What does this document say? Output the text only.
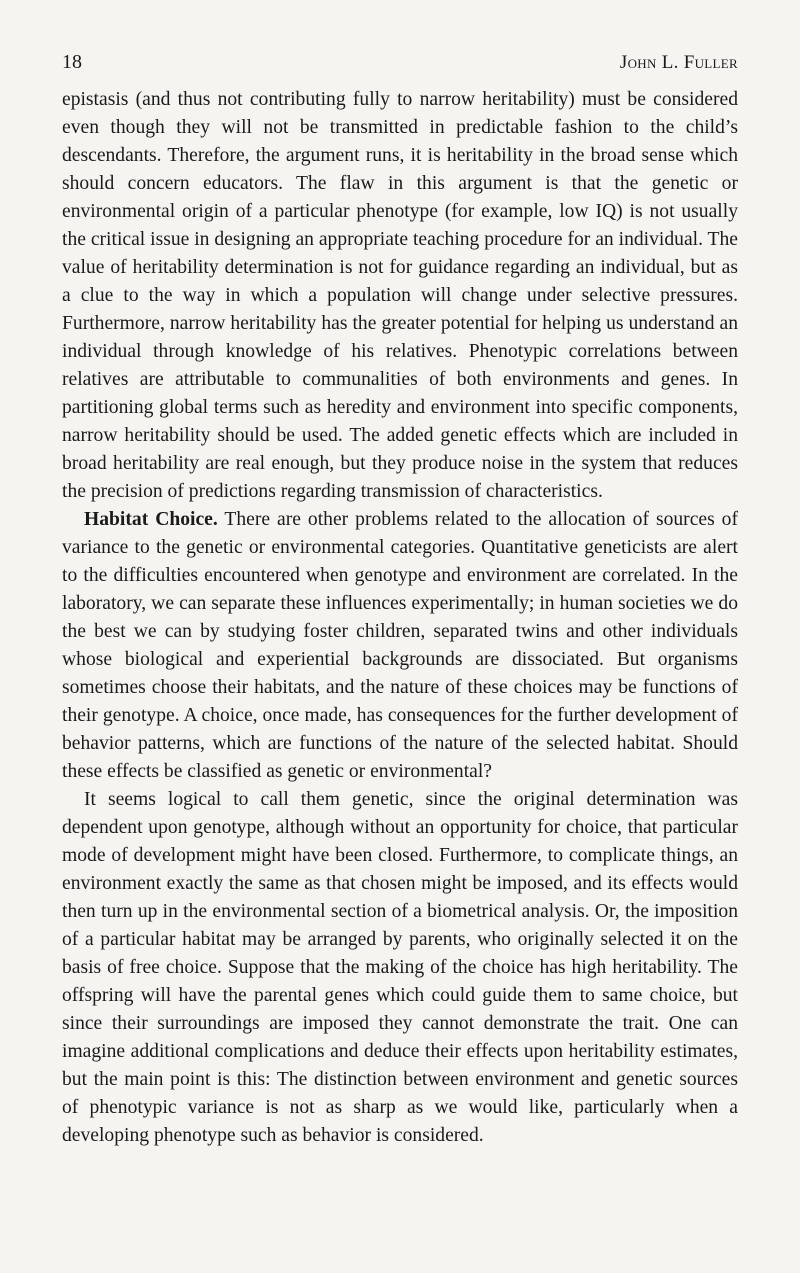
18	John L. Fuller

epistasis (and thus not contributing fully to narrow heritability) must be considered even though they will not be transmitted in predictable fashion to the child’s descendants. Therefore, the argument runs, it is heritability in the broad sense which should concern educators. The flaw in this argument is that the genetic or environmental origin of a particular phenotype (for example, low IQ) is not usually the critical issue in designing an appropriate teaching procedure for an individual. The value of heritability determination is not for guidance regarding an individual, but as a clue to the way in which a population will change under selective pressures. Furthermore, narrow heritability has the greater potential for helping us understand an individual through knowledge of his relatives. Phenotypic correlations between relatives are attributable to communalities of both environments and genes. In partitioning global terms such as heredity and environment into specific components, narrow heritability should be used. The added genetic effects which are included in broad heritability are real enough, but they produce noise in the system that reduces the precision of predictions regarding transmission of characteristics.

Habitat Choice. There are other problems related to the allocation of sources of variance to the genetic or environmental categories. Quantitative geneticists are alert to the difficulties encountered when genotype and environment are correlated. In the laboratory, we can separate these influences experimentally; in human societies we do the best we can by studying foster children, separated twins and other individuals whose biological and experiential backgrounds are dissociated. But organisms sometimes choose their habitats, and the nature of these choices may be functions of their genotype. A choice, once made, has consequences for the further development of behavior patterns, which are functions of the nature of the selected habitat. Should these effects be classified as genetic or environmental?

It seems logical to call them genetic, since the original determination was dependent upon genotype, although without an opportunity for choice, that particular mode of development might have been closed. Furthermore, to complicate things, an environment exactly the same as that chosen might be imposed, and its effects would then turn up in the environmental section of a biometrical analysis. Or, the imposition of a particular habitat may be arranged by parents, who originally selected it on the basis of free choice. Suppose that the making of the choice has high heritability. The offspring will have the parental genes which could guide them to same choice, but since their surroundings are imposed they cannot demonstrate the trait. One can imagine additional complications and deduce their effects upon heritability estimates, but the main point is this: The distinction between environment and genetic sources of phenotypic variance is not as sharp as we would like, particularly when a developing phenotype such as behavior is considered.
